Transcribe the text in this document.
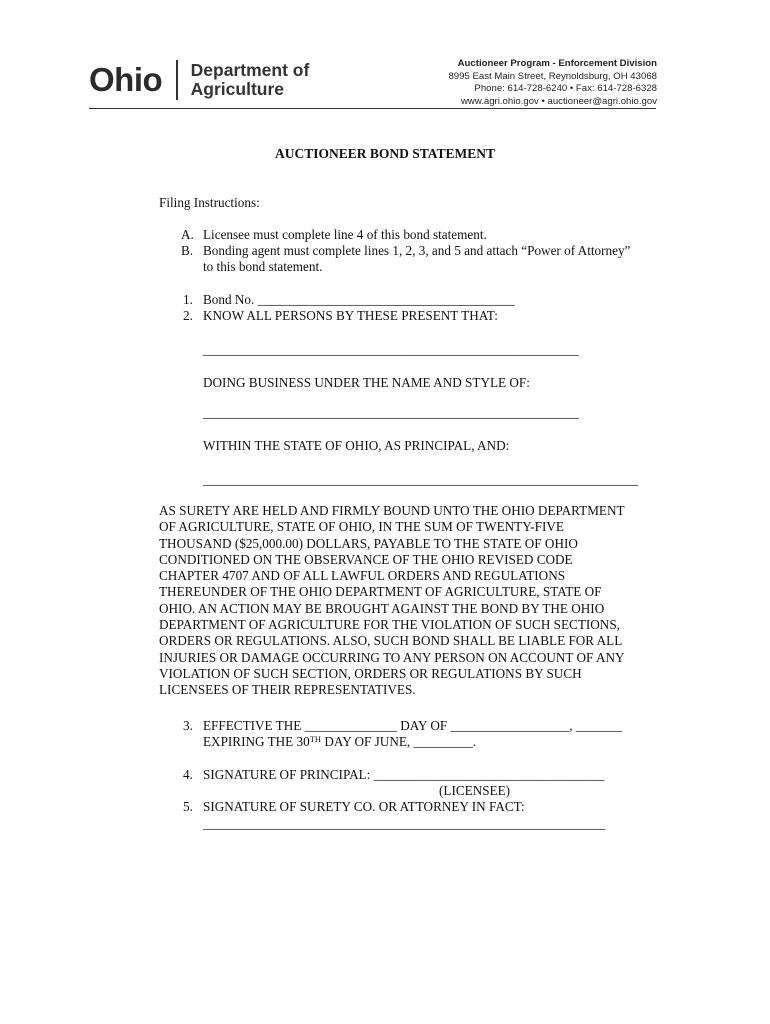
Ohio Department of
Agriculture
Auctioneer Program - Enforcement Division
8995 East Main Street, Reynoldsburg, OH 43068
Phone: 614-728-6240 • Fax: 614-728-6328
www.agri.ohio.gov • auctioneer@agri.ohio.gov
AUCTIONEER BOND STATEMENT
Filing Instructions:
A. Licensee must complete line 4 of this bond statement.
B. Bonding agent must complete lines 1, 2, 3, and 5 and attach “Power of Attorney”
to this bond statement.
1. Bond No. _______________________________________
2. KNOW ALL PERSONS BY THESE PRESENT THAT:
_________________________________________________________
DOING BUSINESS UNDER THE NAME AND STYLE OF:
_________________________________________________________
WITHIN THE STATE OF OHIO, AS PRINCIPAL, AND:
__________________________________________________________________
AS SURETY ARE HELD AND FIRMLY BOUND UNTO THE OHIO DEPARTMENT
OF AGRICULTURE, STATE OF OHIO, IN THE SUM OF TWENTY-FIVE
THOUSAND ($25,000.00) DOLLARS, PAYABLE TO THE STATE OF OHIO
CONDITIONED ON THE OBSERVANCE OF THE OHIO REVISED CODE
CHAPTER 4707 AND OF ALL LAWFUL ORDERS AND REGULATIONS
THEREUNDER OF THE OHIO DEPARTMENT OF AGRICULTURE, STATE OF
OHIO. AN ACTION MAY BE BROUGHT AGAINST THE BOND BY THE OHIO
DEPARTMENT OF AGRICULTURE FOR THE VIOLATION OF SUCH SECTIONS,
ORDERS OR REGULATIONS. ALSO, SUCH BOND SHALL BE LIABLE FOR ALL
INJURIES OR DAMAGE OCCURRING TO ANY PERSON ON ACCOUNT OF ANY
VIOLATION OF SUCH SECTION, ORDERS OR REGULATIONS BY SUCH
LICENSEES OF THEIR REPRESENTATIVES.
3. EFFECTIVE THE ______________ DAY OF __________________, _______
EXPIRING THE 30TH DAY OF JUNE, _________.
4. SIGNATURE OF PRINCIPAL: ___________________________________
(LICENSEE)
5. SIGNATURE OF SURETY CO. OR ATTORNEY IN FACT:
_____________________________________________________________
